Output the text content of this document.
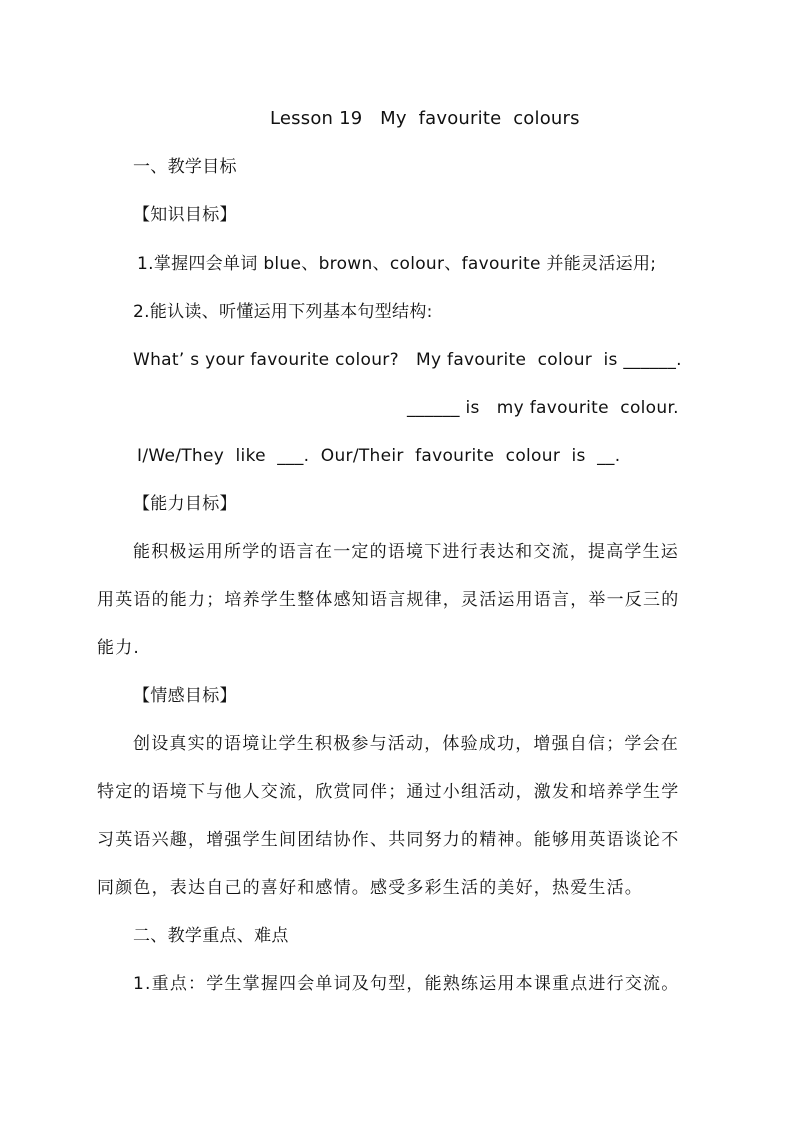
Lesson 19   My  favourite  colours
一、教学目标
【知识目标】
1.掌握四会单词 blue、brown、colour、favourite 并能灵活运用;
2.能认读、听懂运用下列基本句型结构:
What’ s your favourite colour?   My favourite  colour  is ______.
______ is   my favourite  colour.
I/We/They  like  ___.  Our/Their  favourite  colour  is  __.
【能力目标】
能积极运用所学的语言在一定的语境下进行表达和交流，提高学生运
用英语的能力；培养学生整体感知语言规律，灵活运用语言，举一反三的
能力.
【情感目标】
创设真实的语境让学生积极参与活动，体验成功，增强自信；学会在
特定的语境下与他人交流，欣赏同伴；通过小组活动，激发和培养学生学
习英语兴趣，增强学生间团结协作、共同努力的精神。能够用英语谈论不
同颜色，表达自己的喜好和感情。感受多彩生活的美好，热爱生活。
二、教学重点、难点
1.重点：学生掌握四会单词及句型，能熟练运用本课重点进行交流。
